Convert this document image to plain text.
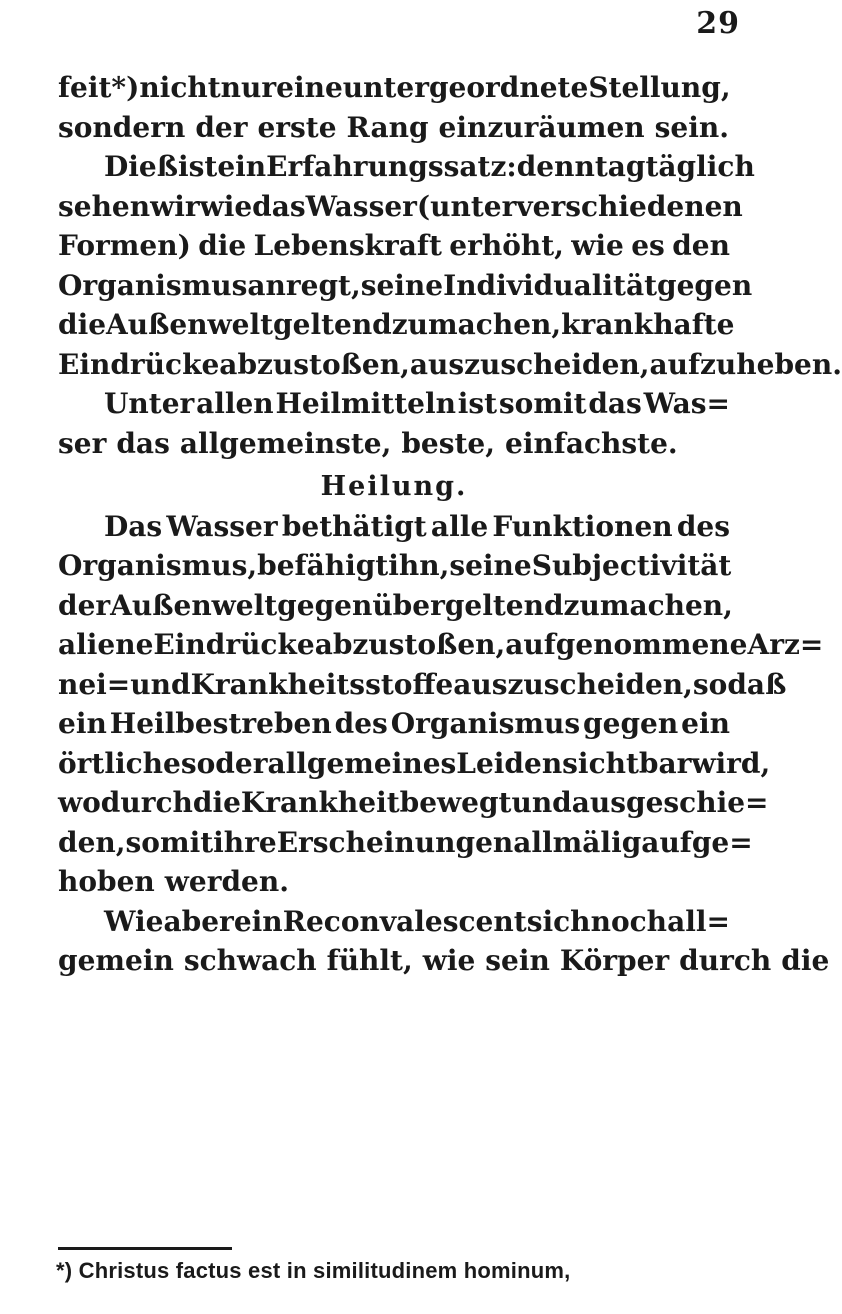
29
feit*) nicht nur eine untergeordnete Stellung,
sondern der erste Rang einzuräumen sein.
Dieß ist ein Erfahrungssatz: denn tagtäglich
sehen wir wie das Wasser (unter verschiedenen
Formen) die Lebenskraft erhöht, wie es den
Organismus anregt, seine Individualität gegen
die Außenwelt geltend zu machen, krankhafte
Eindrücke abzustoßen, auszuscheiden, aufzuheben.
Unter allen Heilmitteln ist somit das Was=
ser das allgemeinste, beste, einfachste.
Heilung.
Das Wasser bethätigt alle Funktionen des
Organismus, befähigt ihn, seine Subjectivität
der Außenwelt gegenüber geltend zu machen,
aliene Eindrücke abzustoßen, aufgenommene Arz=
nei= und Krankheitsstoffe auszuscheiden, so daß
ein Heilbestreben des Organismus gegen ein
örtliches oder allgemeines Leiden sichtbar wird,
wodurch die Krankheit bewegt und ausgeschie=
den, somit ihre Erscheinungen allmälig aufge=
hoben werden.
Wie aber ein Reconvalescent sich noch all=
gemein schwach fühlt, wie sein Körper durch die
*) Christus factus est in similitudinem hominum,
